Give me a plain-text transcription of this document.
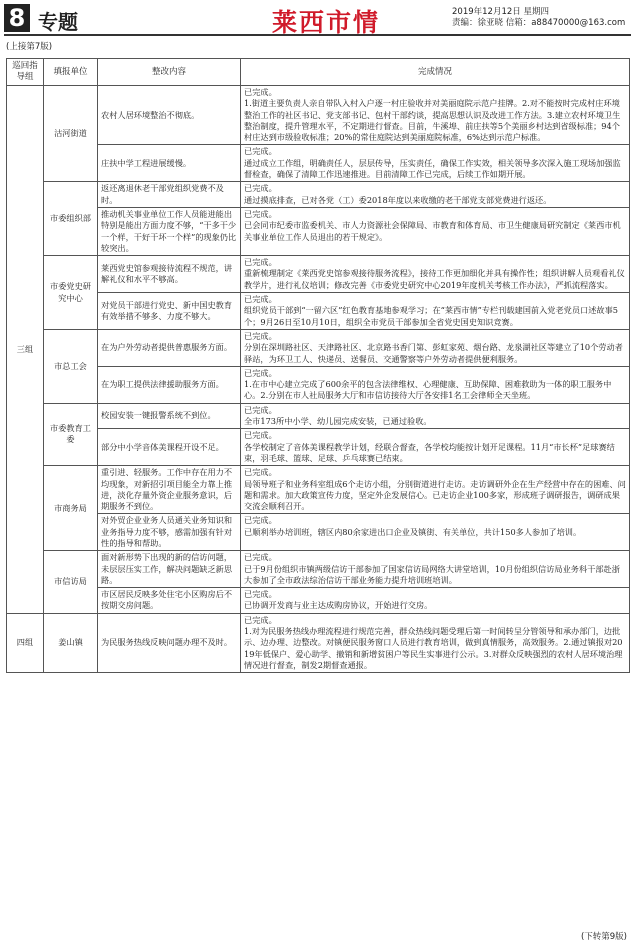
8 专题	莱西市情	2019年12月12日 星期四
责编：徐亚晓 信箱：a88470000@163.com
(上接第7版)
巡回指导组	填报单位	整改内容	完成情况
三组	沽河街道	农村人居环境整治不彻底。	已完成。
1.街道主要负责人亲自带队入村入户逐一村庄验收并对美丽庭院示范户挂牌。2.对不能按时完成村庄环境整治工作的社区书记、党支部书记、包村干部约谈，提高思想认识及改进工作方法。3.建立农村环境卫生整治制度，提升管理水平，不定期进行督查。目前，牛溪埠、前庄扶等5个美丽乡村达到省级标准；94个村庄达到市级验收标准；20%的常住庭院达到美丽庭院标准，6%达到示范户标准。
		庄扶中学工程进展缓慢。	已完成。
通过成立工作组，明确责任人，层层传导，压实责任，确保工作实效，相关领导多次深入施工现场加强监督检查，确保了清障工作迅速推进。目前清障工作已完成，后续工作如期开展。
	市委组织部	返还离退休老干部党组织党费不及时。	已完成。
通过摸底排查，已对各党（工）委2018年度以来收缴的老干部党支部党费进行返还。
		推动机关事业单位工作人员能进能出特别是能出方面力度不够，“干多干少一个样，干好干坏一个样”的现象仍比较突出。	已完成。
已会同市纪委市监委机关、市人力资源社会保障局、市教育和体育局、市卫生健康局研究制定《莱西市机关事业单位工作人员退出的若干规定》。
	市委党史研究中心	莱西党史馆参观接待流程不规范，讲解礼仪和水平不够高。	已完成。
重新梳理制定《莱西党史馆参观接待服务流程》，接待工作更加细化并具有操作性；组织讲解人员观看礼仪教学片，进行礼仪培训；修改完善《市委党史研究中心2019年度机关考核工作办法》，严抓流程落实。
		对党员干部进行党史、新中国史教育有效举措不够多、力度不够大。	已完成。
组织党员干部到“一留六区”红色教育基地参观学习；在“莱西市情”专栏刊载建国前入党老党员口述故事5个；9月26日至10月10日，组织全市党员干部参加全省党史国史知识竞赛。
	市总工会	在为户外劳动者提供普惠服务方面。	已完成。
分别在深圳路社区、天津路社区、北京路书香门第、彭虹家苑、烟台路、龙泉湖社区等建立了10个劳动者驿站，为环卫工人、快递员、送餐员、交通警察等户外劳动者提供便利服务。
		在为职工提供法律援助服务方面。	已完成。
1.在市中心建立完成了600余平的包含法律维权、心理健康、互助保障、困难救助为一体的职工服务中心。2.分别在市人社局服务大厅和市信访接待大厅各安排1名工会律师全天坐班。
	市委教育工委	校园安装一键报警系统不到位。	已完成。
全市173所中小学、幼儿园完成安装，已通过验收。
		部分中小学音体美课程开设不足。	已完成。
各学校制定了音体美课程教学计划，经联合督查，各学校均能按计划开足课程。11月“市长杯”足球赛结束，羽毛球、篮球、足球、乒乓球赛已结束。
	市商务局	重引进、轻服务。工作中存在用力不均现象，对新招引项目能全力靠上推进，淡化存量外资企业服务意识，后期服务不到位。	已完成。
局领导班子和业务科室组成6个走访小组，分别街道进行走访。走访调研外企在生产经营中存在的困难、问题和需求。加大政策宣传力度，坚定外企发展信心。已走访企业100多家，形成班子调研报告，调研成果交流会顺利召开。
		对外贸企业业务人员通关业务知识和业务指导力度不够，感需加强有针对性的指导和帮助。	已完成。
已顺利举办培训班，辖区内80余家进出口企业及镇街、有关单位，共计150多人参加了培训。
	市信访局	面对新形势下出现的新的信访问题，未层层压实工作，解决问题缺乏新思路。	已完成。
已于9月份组织市镇两级信访干部参加了国家信访局网络大讲堂培训，10月份组织信访局业务科干部赴浙大参加了全市政法综治信访干部业务能力提升培训班培训。
		市区居民反映多处住宅小区购房后不按期交房问题。	已完成。
已协调开发商与业主达成购房协议，开始进行交房。
四组	姜山镇	为民服务热线反映问题办理不及时。	已完成。
1.对为民服务热线办理流程进行规范完善，群众热线问题受理后第一时间转呈分管领导和承办部门，边批示、边办理、边整改。对镇便民服务窗口人员进行教育培训，做到真情服务，高效服务。2.通过镇报对2019年低保户、爱心助学、撤销和新增贫困户等民生实事进行公示。3.对群众反映强烈的农村人居环境治理情况进行督查，制发2期督查通报。
(下转第9版)
